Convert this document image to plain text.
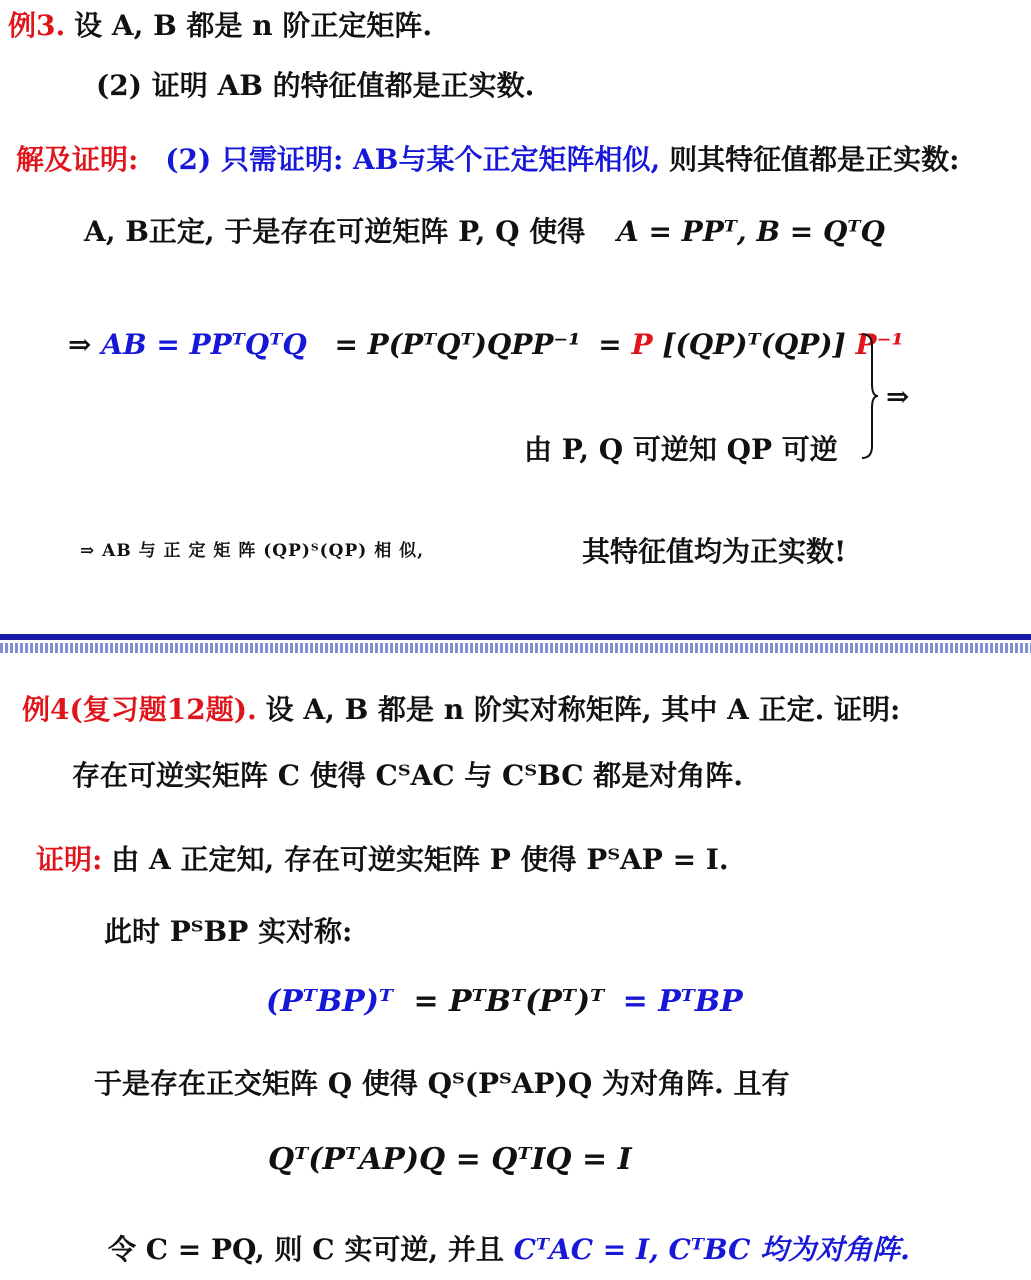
例3. 设 A, B 都是 n 阶正定矩阵.
(2) 证明 AB 的特征值都是正实数.
解及证明: (2) 只需证明: AB与某个正定矩阵相似, 则其特征值都是正实数:
A, B正定, 于是存在可逆矩阵 P, Q 使得 A = PPᵀ, B = QᵀQ
⇒ AB = PPᵀQᵀQ = P(PᵀQᵀ)QPP⁻¹ = P [(QP)ᵀ(QP)] P⁻¹
⇒
由 P, Q 可逆知 QP 可逆
⇒ AB 与 正 定 矩 阵 (QP)ᵀ(QP) 相 似,	其特征值均为正实数!
例4(复习题12题). 设 A, B 都是 n 阶实对称矩阵, 其中 A 正定. 证明:
存在可逆实矩阵 C 使得 CᵀAC 与 CᵀBC 都是对角阵.
证明: 由 A 正定知, 存在可逆实矩阵 P 使得 PᵀAP = I.
此时 PᵀBP 实对称:
(PᵀBP)ᵀ = PᵀBᵀ(Pᵀ)ᵀ = PᵀBP
于是存在正交矩阵 Q 使得 Qᵀ(PᵀAP)Q 为对角阵. 且有
Qᵀ(PᵀAP)Q = QᵀIQ = I
令 C = PQ, 则 C 实可逆, 并且 CᵀAC = I, CᵀBC 均为对角阵.
